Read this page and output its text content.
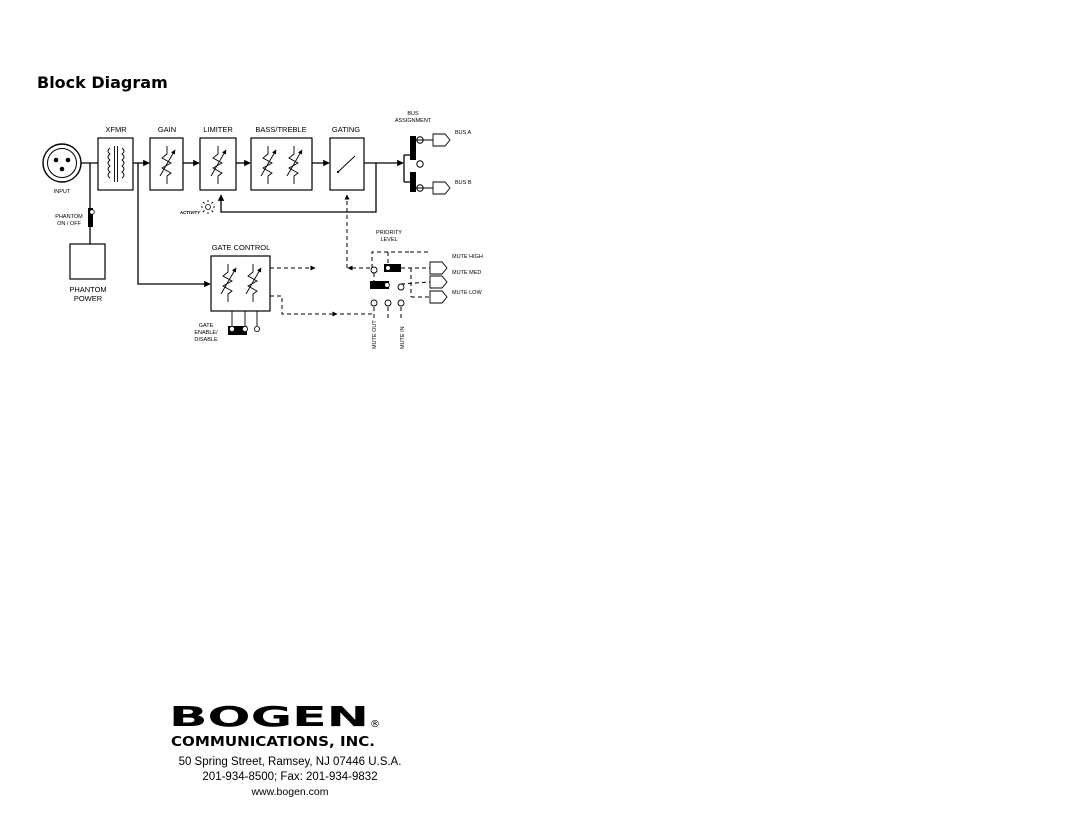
Block Diagram
INPUT
XFMR	GAIN	LIMITER	BASS/TREBLE	GATING
BUS
ASSIGNMENT
BUS A
BUS B
ACTIVITY
PHANTOM
ON / OFF
PHANTOM
POWER
GATE CONTROL
GATE
ENABLE/
DISABLE
PRIORITY
LEVEL
MUTE HIGH
MUTE MED
MUTE LOW
MUTE OUT	MUTE IN
BOGEN ®
COMMUNICATIONS, INC.
50 Spring Street, Ramsey, NJ 07446 U.S.A.
201-934-8500; Fax: 201-934-9832
www.bogen.com
